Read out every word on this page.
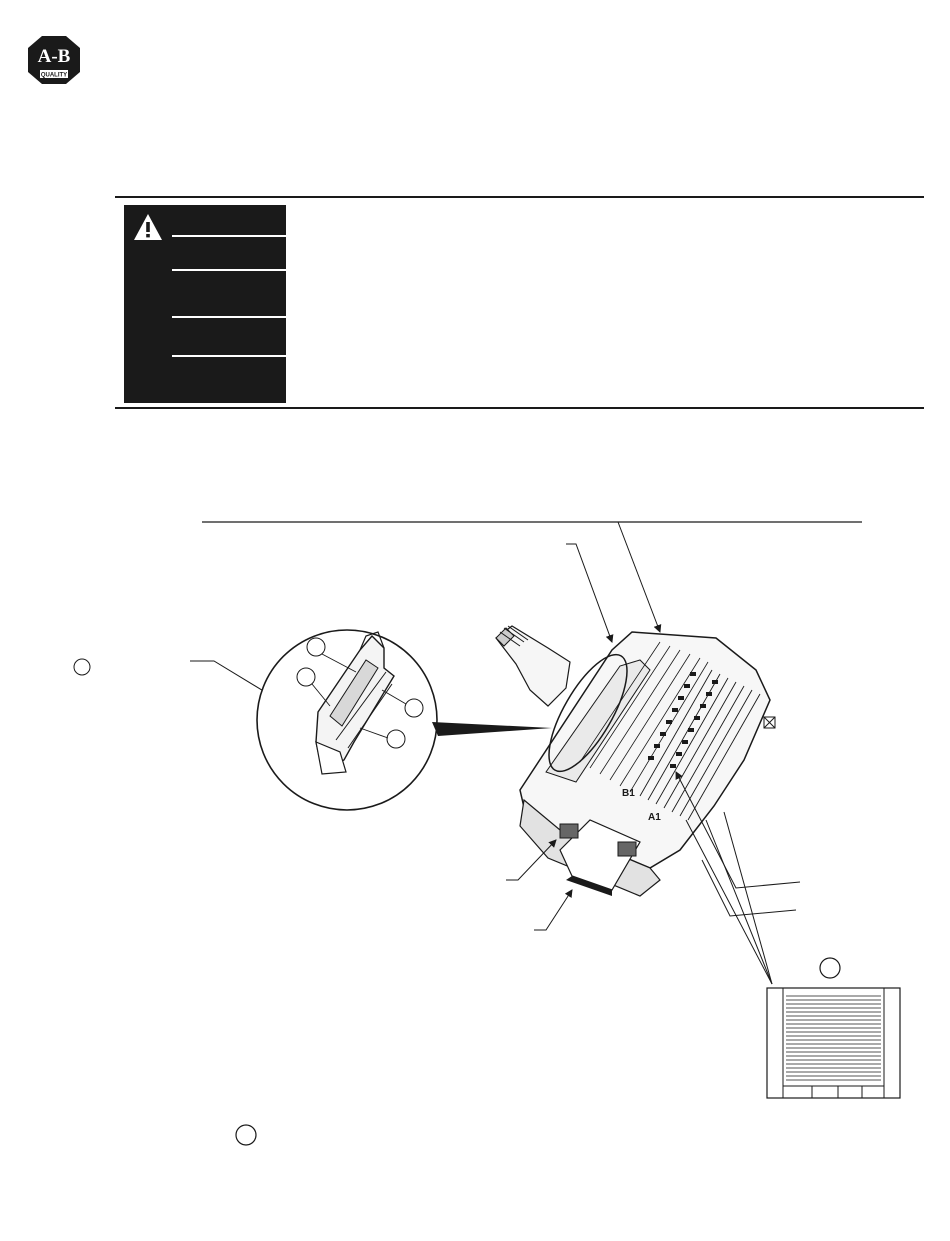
A-B
QUALITY
B1
A1
